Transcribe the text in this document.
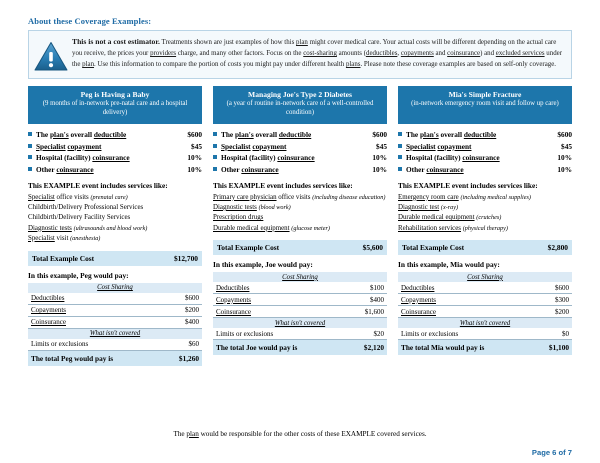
About these Coverage Examples:
This is not a cost estimator. Treatments shown are just examples of how this plan might cover medical care. Your actual costs will be different depending on the actual care you receive, the prices your providers charge, and many other factors. Focus on the cost-sharing amounts (deductibles, copayments and coinsurance) and excluded services under the plan. Use this information to compare the portion of costs you might pay under different health plans. Please note these coverage examples are based on self-only coverage.
Peg is Having a Baby
(9 months of in-network pre-natal care and a hospital delivery)
The plan's overall deductible	$600
Specialist copayment	$45
Hospital (facility) coinsurance	10%
Other coinsurance	10%
This EXAMPLE event includes services like:
Specialist office visits (prenatal care)
Childbirth/Delivery Professional Services
Childbirth/Delivery Facility Services
Diagnostic tests (ultrasounds and blood work)
Specialist visit (anesthesia)
Total Example Cost	$12,700
In this example, Peg would pay:
Cost Sharing	
Deductibles	$600
Copayments	$200
Coinsurance	$400
What isn't covered	
Limits or exclusions	$60
The total Peg would pay is	$1,260
Managing Joe's Type 2 Diabetes
(a year of routine in-network care of a well-controlled condition)
The plan's overall deductible	$600
Specialist copayment	$45
Hospital (facility) coinsurance	10%
Other coinsurance	10%
This EXAMPLE event includes services like:
Primary care physician office visits (including disease education)
Diagnostic tests (blood work)
Prescription drugs
Durable medical equipment (glucose meter)
Total Example Cost	$5,600
In this example, Joe would pay:
Cost Sharing	
Deductibles	$100
Copayments	$400
Coinsurance	$1,600
What isn't covered	
Limits or exclusions	$20
The total Joe would pay is	$2,120
Mia's Simple Fracture
(in-network emergency room visit and follow up care)
The plan's overall deductible	$600
Specialist copayment	$45
Hospital (facility) coinsurance	10%
Other coinsurance	10%
This EXAMPLE event includes services like:
Emergency room care (including medical supplies)
Diagnostic test (x-ray)
Durable medical equipment (crutches)
Rehabilitation services (physical therapy)
Total Example Cost	$2,800
In this example, Mia would pay:
Cost Sharing	
Deductibles	$600
Copayments	$300
Coinsurance	$200
What isn't covered	
Limits or exclusions	$0
The total Mia would pay is	$1,100
The plan would be responsible for the other costs of these EXAMPLE covered services.
Page 6 of 7
